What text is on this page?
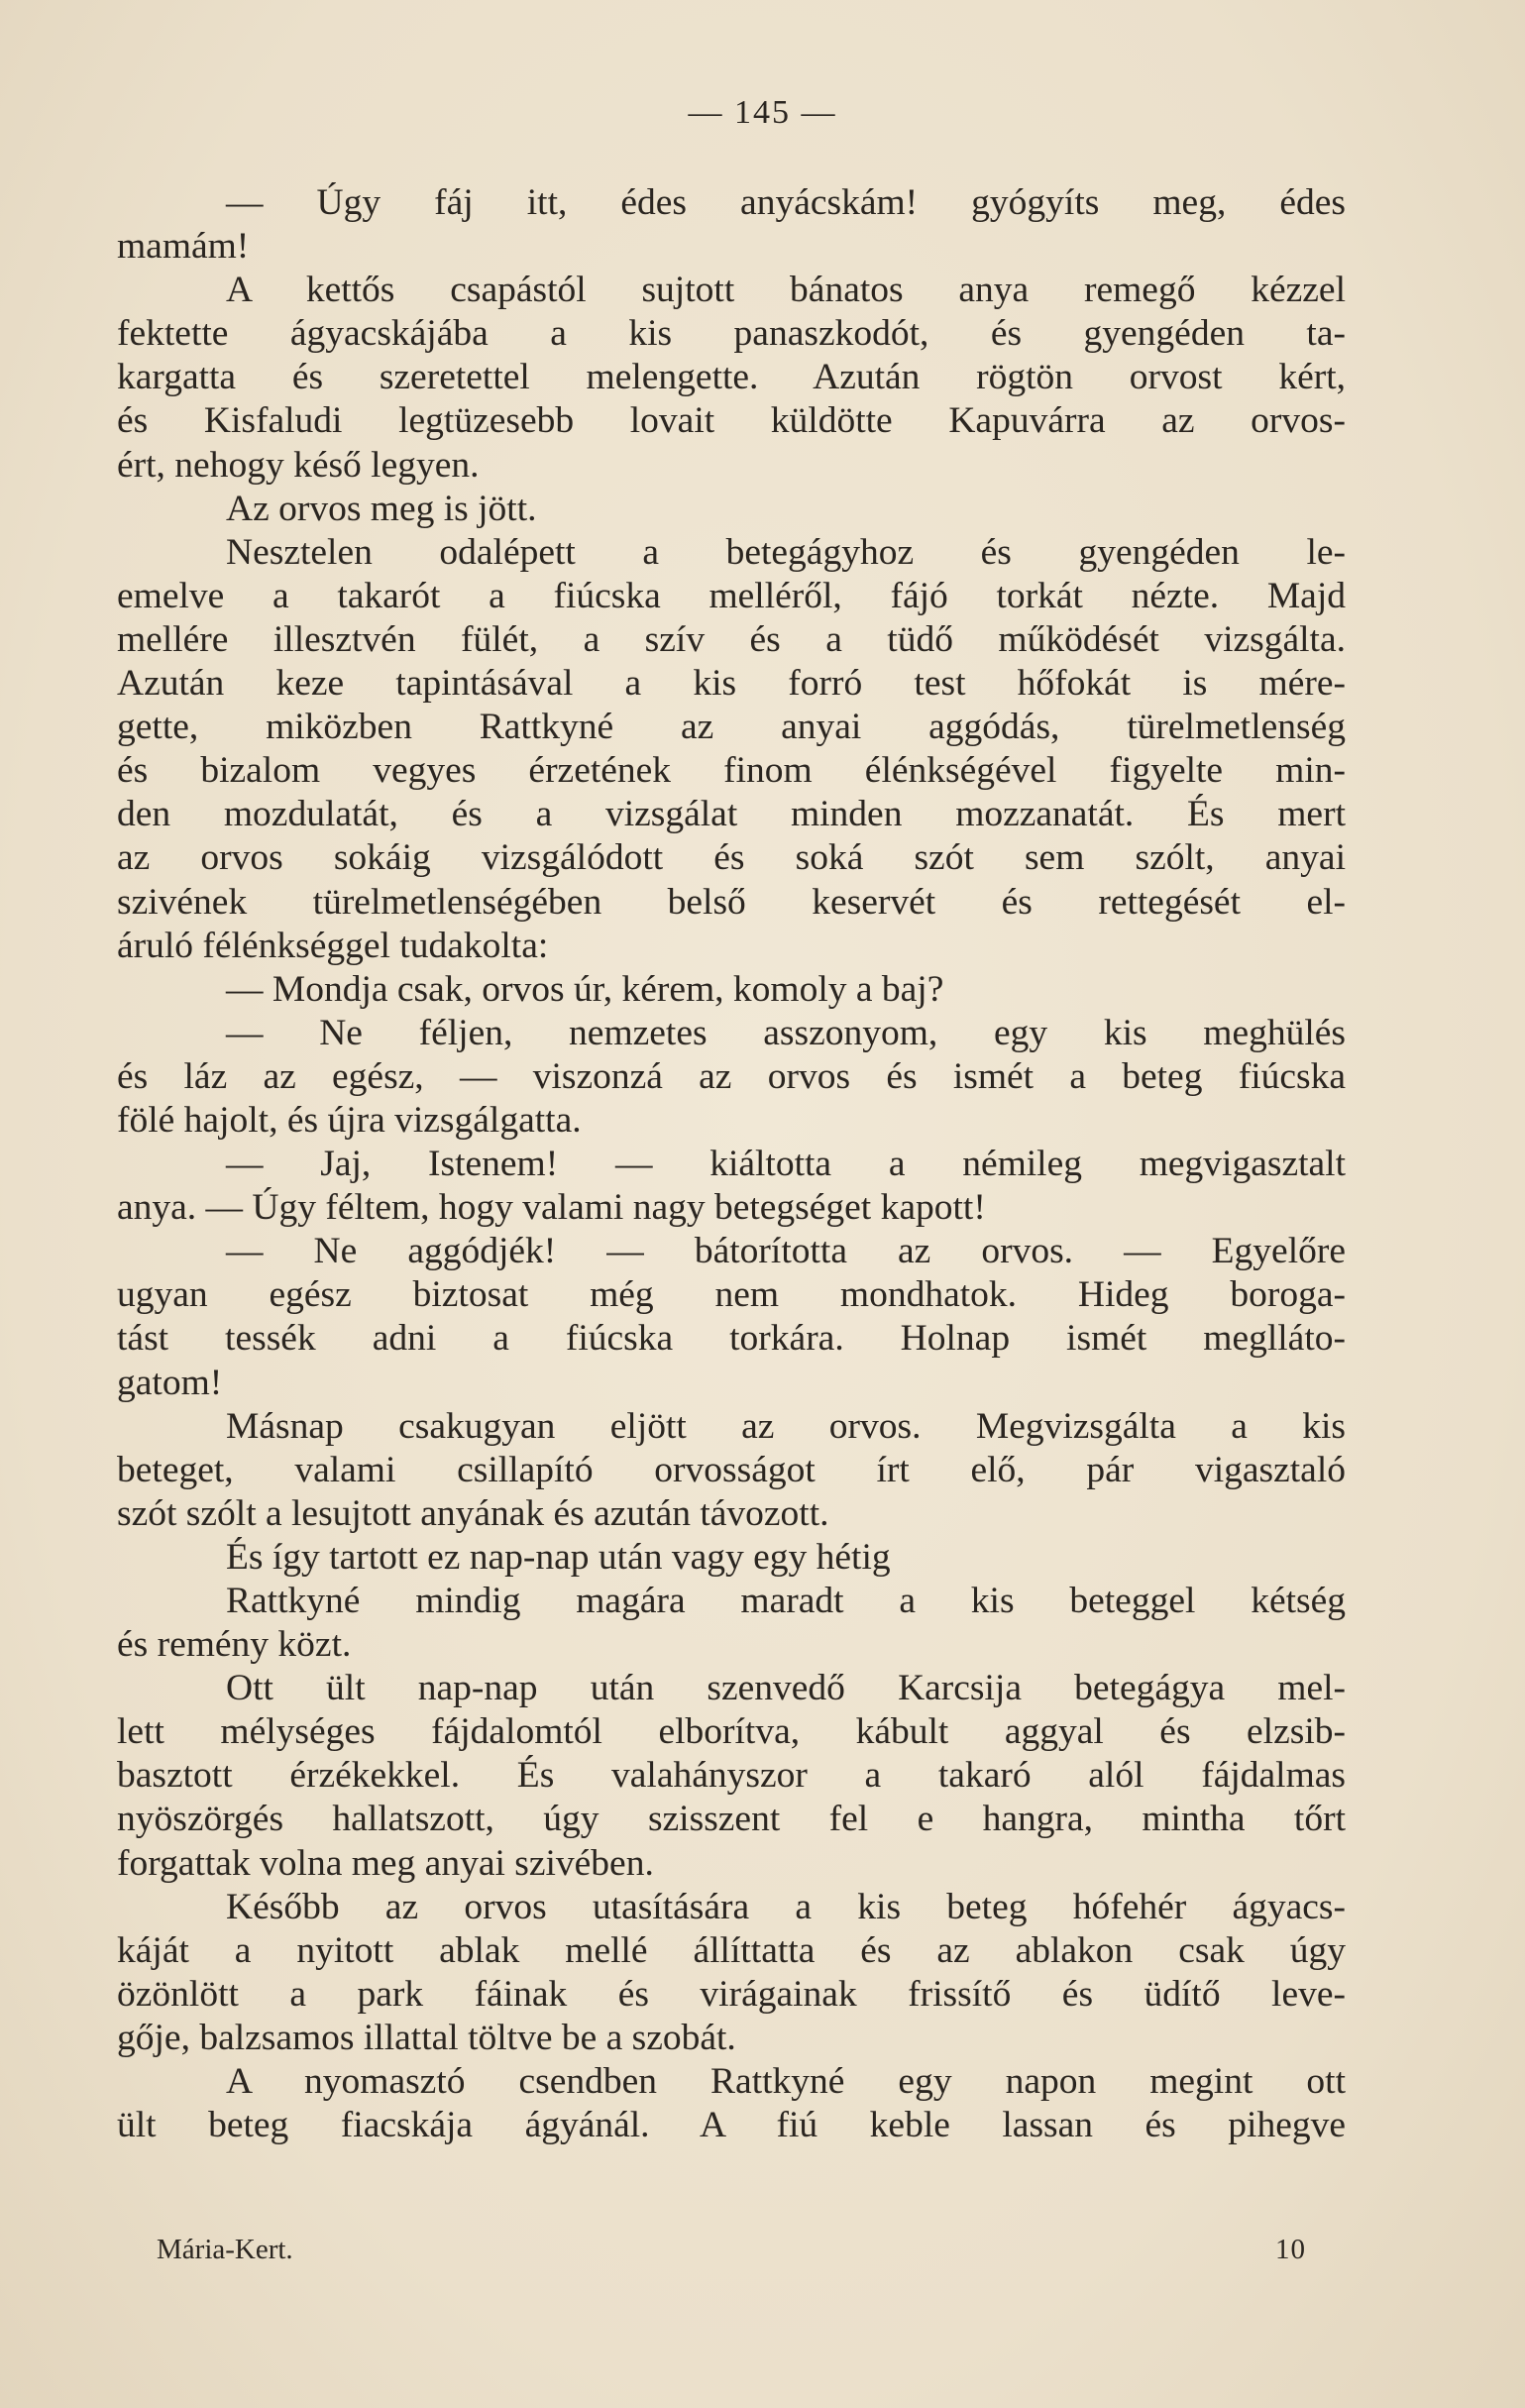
— 145 —
— Úgy fáj itt, édes anyácskám! gyógyíts meg, édes
mamám!
A kettős csapástól sujtott bánatos anya remegő kézzel
fektette ágyacskájába a kis panaszkodót, és gyengéden ta-
kargatta és szeretettel melengette. Azután rögtön orvost kért,
és Kisfaludi legtüzesebb lovait küldötte Kapuvárra az orvos-
ért, nehogy késő legyen.
Az orvos meg is jött.
Nesztelen odalépett a betegágyhoz és gyengéden le-
emelve a takarót a fiúcska melléről, fájó torkát nézte. Majd
mellére illesztvén fülét, a szív és a tüdő működését vizsgálta.
Azután keze tapintásával a kis forró test hőfokát is mére-
gette, miközben Rattkyné az anyai aggódás, türelmetlenség
és bizalom vegyes érzetének finom élénkségével figyelte min-
den mozdulatát, és a vizsgálat minden mozzanatát. És mert
az orvos sokáig vizsgálódott és soká szót sem szólt, anyai
szivének türelmetlenségében belső keservét és rettegését el-
áruló félénkséggel tudakolta:
— Mondja csak, orvos úr, kérem, komoly a baj?
— Ne féljen, nemzetes asszonyom, egy kis meghülés
és láz az egész, — viszonzá az orvos és ismét a beteg fiúcska
fölé hajolt, és újra vizsgálgatta.
— Jaj, Istenem! — kiáltotta a némileg megvigasztalt
anya. — Úgy féltem, hogy valami nagy betegséget kapott!
— Ne aggódjék! — bátorította az orvos. — Egyelőre
ugyan egész biztosat még nem mondhatok. Hideg boroga-
tást tessék adni a fiúcska torkára. Holnap ismét meglláto-
gatom!
Másnap csakugyan eljött az orvos. Megvizsgálta a kis
beteget, valami csillapító orvosságot írt elő, pár vigasztaló
szót szólt a lesujtott anyának és azután távozott.
És így tartott ez nap-nap után vagy egy hétig
Rattkyné mindig magára maradt a kis beteggel kétség
és remény közt.
Ott ült nap-nap után szenvedő Karcsija betegágya mel-
lett mélységes fájdalomtól elborítva, kábult aggyal és elzsib-
basztott érzékekkel. És valahányszor a takaró alól fájdalmas
nyöszörgés hallatszott, úgy szisszent fel e hangra, mintha tőrt
forgattak volna meg anyai szivében.
Később az orvos utasítására a kis beteg hófehér ágyacs-
káját a nyitott ablak mellé állíttatta és az ablakon csak úgy
özönlött a park fáinak és virágainak frissítő és üdítő leve-
gője, balzsamos illattal töltve be a szobát.
A nyomasztó csendben Rattkyné egy napon megint ott
ült beteg fiacskája ágyánál. A fiú keble lassan és pihegve
Mária-Kert.	10
